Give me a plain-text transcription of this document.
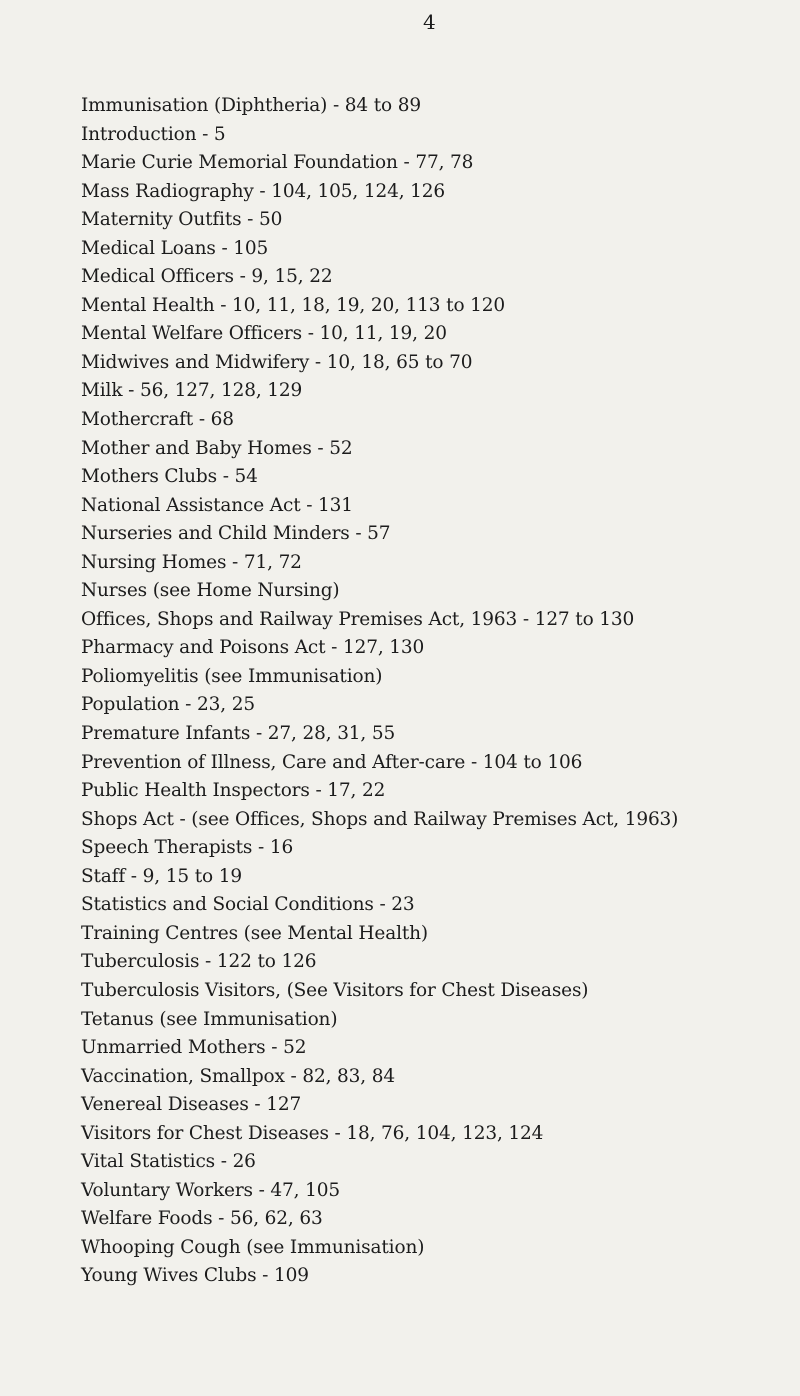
4
Immunisation (Diphtheria) - 84 to 89
Introduction - 5
Marie Curie Memorial Foundation - 77, 78
Mass Radiography - 104, 105, 124, 126
Maternity Outfits - 50
Medical Loans - 105
Medical Officers - 9, 15, 22
Mental Health - 10, 11, 18, 19, 20, 113 to 120
Mental Welfare Officers - 10, 11, 19, 20
Midwives and Midwifery - 10, 18, 65 to 70
Milk - 56, 127, 128, 129
Mothercraft - 68
Mother and Baby Homes - 52
Mothers Clubs - 54
National Assistance Act - 131
Nurseries and Child Minders - 57
Nursing Homes - 71, 72
Nurses (see Home Nursing)
Offices, Shops and Railway Premises Act, 1963 - 127 to 130
Pharmacy and Poisons Act - 127, 130
Poliomyelitis (see Immunisation)
Population - 23, 25
Premature Infants - 27, 28, 31, 55
Prevention of Illness, Care and After-care - 104 to 106
Public Health Inspectors - 17, 22
Shops Act - (see Offices, Shops and Railway Premises Act, 1963)
Speech Therapists - 16
Staff - 9, 15 to 19
Statistics and Social Conditions - 23
Training Centres (see Mental Health)
Tuberculosis - 122 to 126
Tuberculosis Visitors, (See Visitors for Chest Diseases)
Tetanus (see Immunisation)
Unmarried Mothers - 52
Vaccination, Smallpox - 82, 83, 84
Venereal Diseases - 127
Visitors for Chest Diseases - 18, 76, 104, 123, 124
Vital Statistics - 26
Voluntary Workers - 47, 105
Welfare Foods - 56, 62, 63
Whooping Cough (see Immunisation)
Young Wives Clubs - 109
